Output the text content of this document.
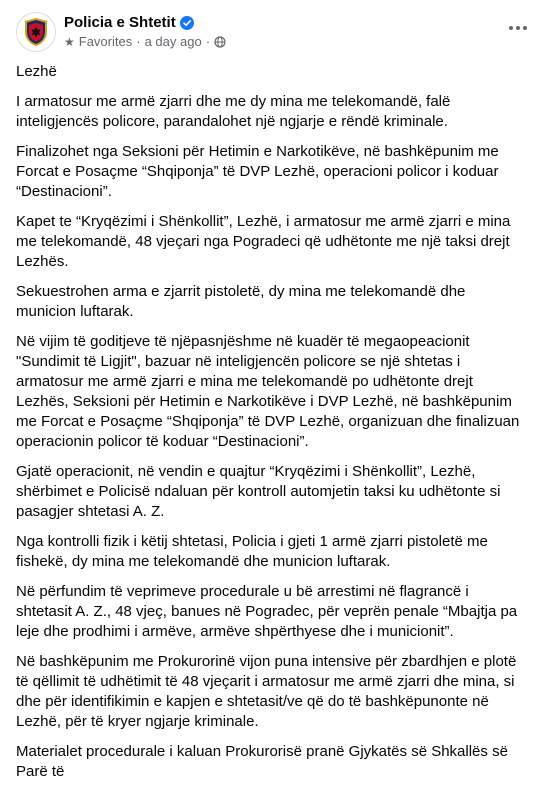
Policia e Shtetit
★ Favorites · a day ago ·

Lezhë

I armatosur me armë zjarri dhe me dy mina me telekomandë, falë inteligjencës policore, parandalohet një ngjarje e rëndë kriminale.

Finalizohet nga Seksioni për Hetimin e Narkotikëve, në bashkëpunim me Forcat e Posaçme “Shqiponja” të DVP Lezhë, operacioni policor i koduar “Destinacioni”.

Kapet te “Kryqëzimi i Shënkollit”, Lezhë, i armatosur me armë zjarri e mina me telekomandë, 48 vjeçari nga Pogradeci që udhëtonte me një taksi drejt Lezhës.

Sekuestrohen arma e zjarrit pistoletë, dy mina me telekomandë dhe municion luftarak.

Në vijim të goditjeve të njëpasnjëshme në kuadër të megaopeacionit "Sundimit të Ligjit", bazuar në inteligjencën policore se një shtetas i armatosur me armë zjarri e mina me telekomandë po udhëtonte drejt Lezhës, Seksioni për Hetimin e Narkotikëve i DVP Lezhë, në bashkëpunim me Forcat e Posaçme “Shqiponja” të DVP Lezhë, organizuan dhe finalizuan operacionin policor të koduar “Destinacioni”.

Gjatë operacionit, në vendin e quajtur “Kryqëzimi i Shënkollit”, Lezhë, shërbimet e Policisë ndaluan për kontroll automjetin taksi ku udhëtonte si pasagjer shtetasi A. Z.

Nga kontrolli fizik i këtij shtetasi, Policia i gjeti 1 armë zjarri pistoletë me fishekë, dy mina me telekomandë dhe municion luftarak.

Në përfundim të veprimeve procedurale u bë arrestimi në flagrancë i shtetasit A. Z., 48 vjeç, banues në Pogradec, për veprën penale “Mbajtja pa leje dhe prodhimi i armëve, armëve shpërthyese dhe i municionit”.

Në bashkëpunim me Prokurorinë vijon puna intensive për zbardhjen e plotë të qëllimit të udhëtimit të 48 vjeçarit i armatosur me armë zjarri dhe mina, si dhe për identifikimin e kapjen e shtetasit/ve që do të bashkëpunonte në Lezhë, për të kryer ngjarje kriminale.

Materialet procedurale i kaluan Prokurorisë pranë Gjykatës së Shkallës së Parë të
